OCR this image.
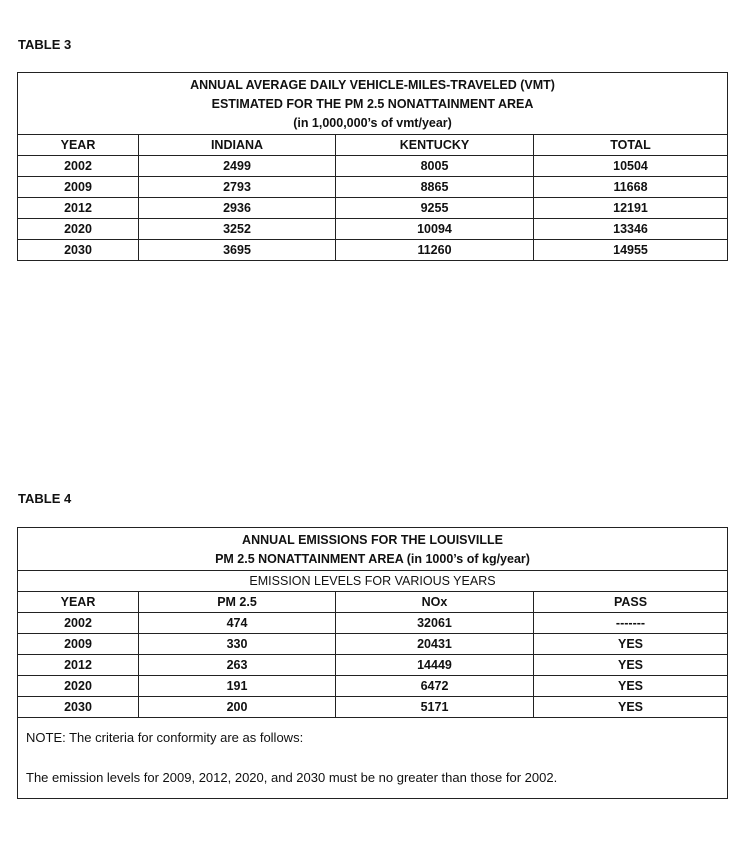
TABLE 3
ANNUAL AVERAGE DAILY VEHICLE-MILES-TRAVELED (VMT)
ESTIMATED FOR THE PM 2.5 NONATTAINMENT AREA
(in 1,000,000’s of vmt/year)			

YEAR	INDIANA	KENTUCKY	TOTAL
2002	2499	8005	10504
2009	2793	8865	11668
2012	2936	9255	12191
2020	3252	10094	13346
2030	3695	11260	14955
TABLE 4
ANNUAL EMISSIONS FOR THE LOUISVILLE
PM 2.5 NONATTAINMENT AREA (in 1000’s of kg/year)			

EMISSION LEVELS FOR VARIOUS YEARS			
YEAR	PM 2.5	NOx	PASS
2002	474	32061	-------
2009	330	20431	YES
2012	263	14449	YES
2020	191	6472	YES
2030	200	5171	YES

NOTE: The criteria for conformity are as follows:

The emission levels for 2009, 2012, 2020, and 2030 must be no greater than those for 2002.			
